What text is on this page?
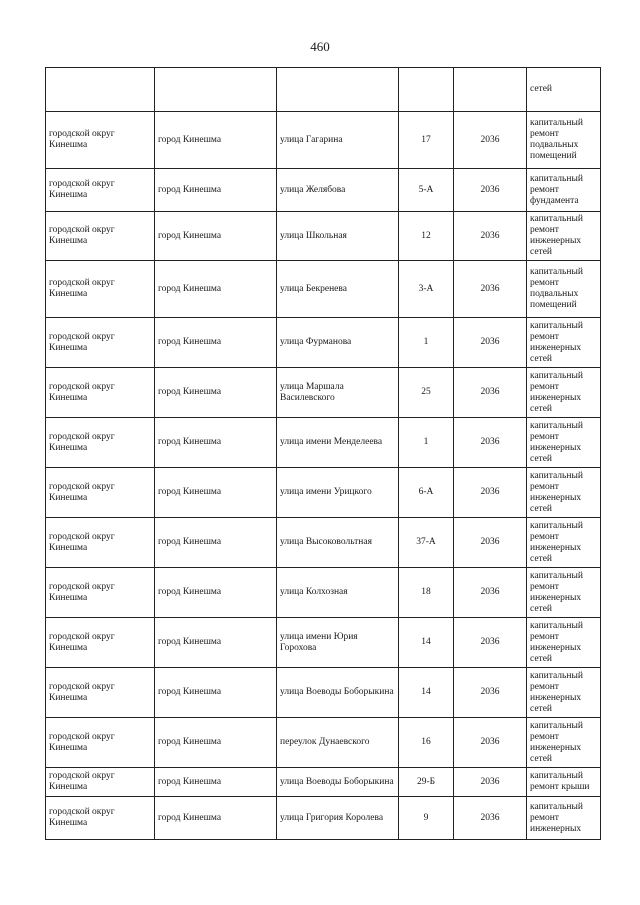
460
					сетей
городской округ Кинешма	город Кинешма	улица Гагарина	17	2036	капитальный ремонт подвальных помещений
городской округ Кинешма	город Кинешма	улица Желябова	5-А	2036	капитальный ремонт фундамента
городской округ Кинешма	город Кинешма	улица Школьная	12	2036	капитальный ремонт инженерных сетей
городской округ Кинешма	город Кинешма	улица Бекренева	3-А	2036	капитальный ремонт подвальных помещений
городской округ Кинешма	город Кинешма	улица Фурманова	1	2036	капитальный ремонт инженерных сетей
городской округ Кинешма	город Кинешма	улица Маршала Василевского	25	2036	капитальный ремонт инженерных сетей
городской округ Кинешма	город Кинешма	улица имени Менделеева	1	2036	капитальный ремонт инженерных сетей
городской округ Кинешма	город Кинешма	улица имени Урицкого	6-А	2036	капитальный ремонт инженерных сетей
городской округ Кинешма	город Кинешма	улица Высоковольтная	37-А	2036	капитальный ремонт инженерных сетей
городской округ Кинешма	город Кинешма	улица Колхозная	18	2036	капитальный ремонт инженерных сетей
городской округ Кинешма	город Кинешма	улица имени Юрия Горохова	14	2036	капитальный ремонт инженерных сетей
городской округ Кинешма	город Кинешма	улица Воеводы Боборыкина	14	2036	капитальный ремонт инженерных сетей
городской округ Кинешма	город Кинешма	переулок Дунаевского	16	2036	капитальный ремонт инженерных сетей
городской округ Кинешма	город Кинешма	улица Воеводы Боборыкина	29-Б	2036	капитальный ремонт крыши
городской округ Кинешма	город Кинешма	улица Григория Королева	9	2036	капитальный ремонт инженерных
